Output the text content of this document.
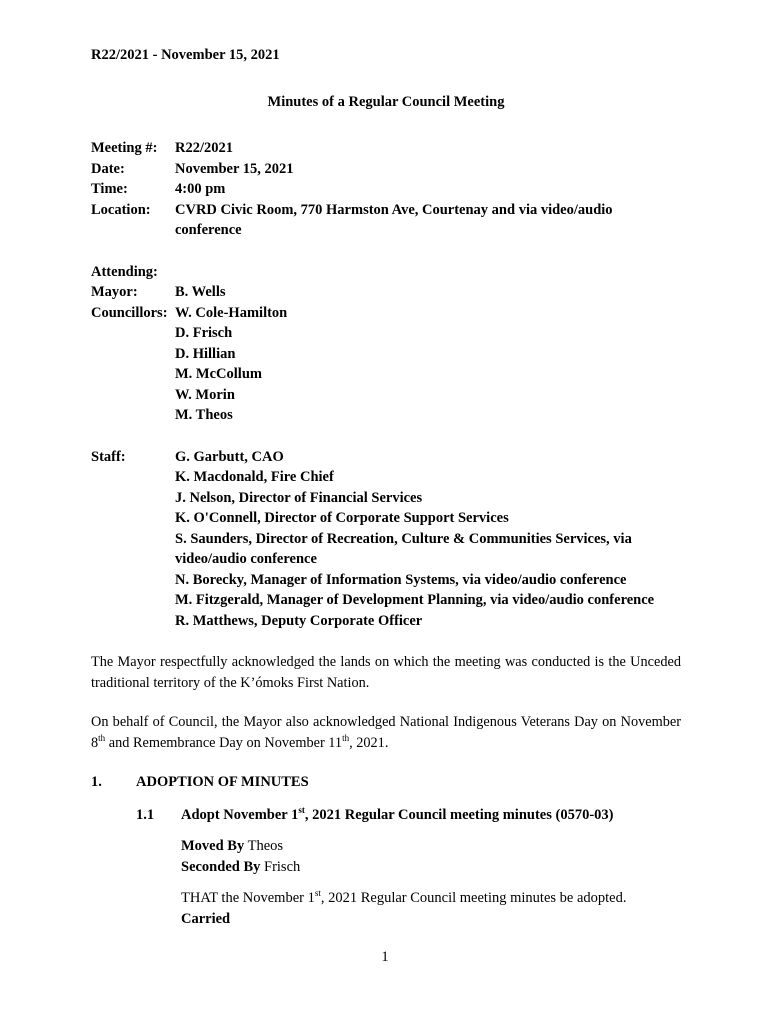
R22/2021 - November 15, 2021
Minutes of a Regular Council Meeting
Meeting #:	R22/2021
Date:	November 15, 2021
Time:	4:00 pm
Location:	CVRD Civic Room, 770 Harmston Ave, Courtenay and via video/audio conference
Attending:
Mayor:	B. Wells
Councillors: W. Cole-Hamilton
D. Frisch
D. Hillian
M. McCollum
W. Morin
M. Theos
Staff:	G. Garbutt, CAO
K. Macdonald, Fire Chief
J. Nelson, Director of Financial Services
K. O'Connell, Director of Corporate Support Services
S. Saunders, Director of Recreation, Culture & Communities Services, via
video/audio conference
N. Borecky, Manager of Information Systems, via video/audio conference
M. Fitzgerald, Manager of Development Planning, via video/audio conference
R. Matthews, Deputy Corporate Officer

The Mayor respectfully acknowledged the lands on which the meeting was conducted is the Unceded traditional territory of the K’ómoks First Nation.

On behalf of Council, the Mayor also acknowledged National Indigenous Veterans Day on November 8th and Remembrance Day on November 11th, 2021.

1.	ADOPTION OF MINUTES
1.1	Adopt November 1st, 2021 Regular Council meeting minutes (0570-03)
Moved By Theos
Seconded By Frisch
THAT the November 1st, 2021 Regular Council meeting minutes be adopted.
Carried
1
